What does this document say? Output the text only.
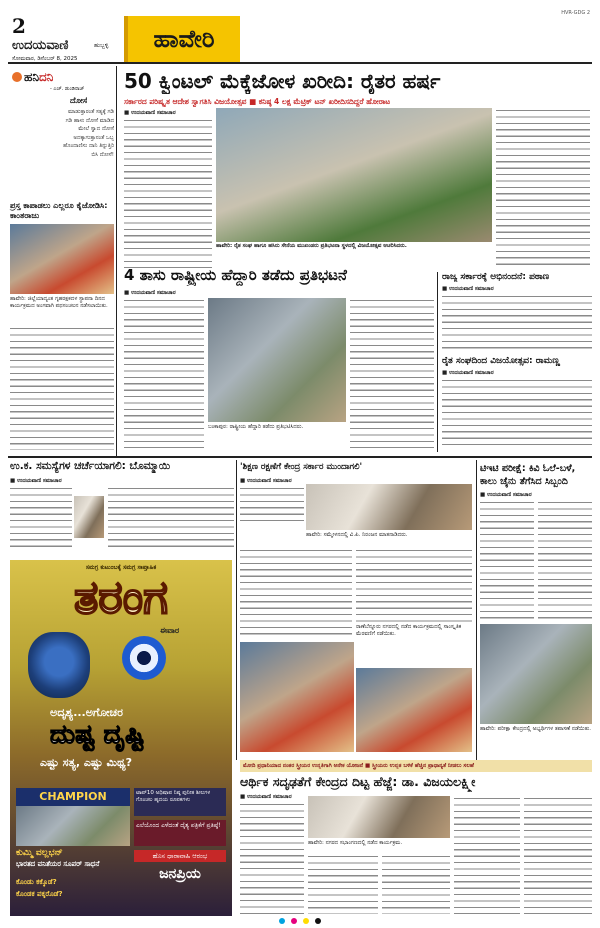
2
ಉದಯವಾಣಿ	ಹುಬ್ಬಳ್ಳಿ
ಸೋಮವಾರ, ಡಿಸೆಂಬರ್ 8, 2025
ಹಾವೇರಿ
HVR-GDG 2
ಹನಿದನಿ
- ಎಚ್. ಡುಂಡಿರಾಜ್
ದೋಸೆ
ಮಾಡುತ್ತಾರಂತೆ ಸತ್ಯಕ್ಕೆ ಗಡಿ ಗಡಿ ಹಾಳು ದೋಸೆ ಮಾಡಿದ ಮೇಲೆ ಸ್ವಾದ ದೋಸೆ ಅದಕ್ಕಾಗುತ್ತಾನಂತೆ ಒಬ್ಬ ಹೊಂದಾಣಿಸು ದಾನಿ ತಿನ್ನುತ್ತಿರಿ ಬಿಸಿ ದೋಸೆ!
ಪ್ರಸ್ತ ಕಾಪಾಡಲು ಎಲ್ಲರೂ ಕೈಜೋಡಿಸಿ: ಕಾಂತರಾಜು
ಹಾವೇರಿ: ಜಿಲ್ಲೆಯಾದ್ಯಂತ ಗೃಹರಕ್ಷಕದಳ ಸ್ಥಾಪನಾ ದಿನದ ಕಾರ್ಯಕ್ರಮದ ಅಂಗವಾಗಿ ಪಥಸಂಚಲನ ನಡೆಸಲಾಯಿತು.
50 ಕ್ವಿಂಟಲ್ ಮೆಕ್ಕೆಜೋಳ ಖರೀದಿ: ರೈತರ ಹರ್ಷ
ಸರ್ಕಾರದ ಪರಿಷ್ಕೃತ ಆದೇಶ ಸ್ವಾಗತಿಸಿ ವಿಜಯೋತ್ಸವ ■ ಕನಿಷ್ಠ 4 ಲಕ್ಷ ಮೆಟ್ರಿಕ್ ಟನ್ ಖರೀದಿಸದಿದ್ದರೆ ಹೋರಾಟ
■ ಉದಯವಾಣಿ ಸಮಾಚಾರ
ಹಾವೇರಿ: ರೈತ ಸಂಘ ಹಾಗೂ ಹಸಿರು ಸೇನೆಯ ಮುಖಂಡರು ಪ್ರತಿಭಟನಾ ಸ್ಥಳದಲ್ಲಿ ವಿಜಯೋತ್ಸವ ಆಚರಿಸಿದರು.
4 ತಾಸು ರಾಷ್ಟ್ರೀಯ ಹೆದ್ದಾರಿ ತಡೆದು ಪ್ರತಿಭಟನೆ
■ ಉದಯವಾಣಿ ಸಮಾಚಾರ
ಬಂಕಾಪುರ: ರಾಷ್ಟ್ರೀಯ ಹೆದ್ದಾರಿ ತಡೆದು ಪ್ರತಿಭಟಿಸಿದರು.
ರಾಜ್ಯ ಸರ್ಕಾರಕ್ಕೆ ಅಭಿನಂದನೆ: ಪಠಾಣ
■ ಉದಯವಾಣಿ ಸಮಾಚಾರ
ರೈತ ಸಂಘದಿಂದ ವಿಜಯೋತ್ಸವ: ರಾಮಣ್ಣ
■ ಉದಯವಾಣಿ ಸಮಾಚಾರ
ಉ.ಕ. ಸಮಸ್ಯೆಗಳ ಚರ್ಚೆಯಾಗಲಿ: ಬೊಮ್ಮಾಯಿ
■ ಉದಯವಾಣಿ ಸಮಾಚಾರ
ಸಮಗ್ರ ಕುಟುಂಬಕ್ಕೆ ಸಮಗ್ರ ಸಾಪ್ತಾಹಿಕ
ತರಂಗ
ಈವಾರ
ಅದೃಶ್ಯ...ಅಗೋಚರ
ದುಷ್ಟ ದೃಷ್ಟಿ
ಎಷ್ಟು ಸತ್ಯ, ಎಷ್ಟು ಮಿಥ್ಯ?
CHAMPION	ಟಾಪ್‌10 ಅಧಿಷಾಪ ನಿಷ್ಠ ಪುನೀತ ಶೀಲಗಳ ಗೊಂಚಲ ಹೃದಯ ರೂಪಕಗಳು
ಎಲೆಯೊಂದ ಎಳೆದಂತೆ ದೈತ್ಯ ಪತ್ರಿಕೆಗೆ ಪ್ರತಿಷ್ಠೆ!
ಕುಮ್ಮಿ ವಲ್ಲಭನ್
ಭಾರತದ ವನಿತೆಯರ ಸೂಪರ್ ಸಾಧನೆ
ಹೊಸ ಧಾರಾವಾಹಿ ಆರಂಭ
ಜನಪ್ರಿಯ
ಕೊಂಡು ಕಕ್ಕೊಡೆ?
ಕೊಂಡಕ ಪಕ್ಕರೊಡೆ?
'ಶಿಕ್ಷಣ ರಕ್ಷಣೆಗೆ ಕೇಂದ್ರ ಸರ್ಕಾರ ಮುಂದಾಗಲಿ'
■ ಉದಯವಾಣಿ ಸಮಾಚಾರ
ಹಾವೇರಿ: ಸಮ್ಮೇಳನದಲ್ಲಿ ವಿ.ಪಿ. ನಿರಂಜನ ಮಾತನಾಡಿದರು.
ರಾಣೆಬೆನ್ನೂರು ನಗರದಲ್ಲಿ ನಡೆದ ಕಾರ್ಯಕ್ರಮದಲ್ಲಿ ಸಾಂಸ್ಕೃತಿಕ ಮೆರವಣಿಗೆ ನಡೆಯಿತು.
ಟಿಇಟಿ ಪರೀಕ್ಷೆ: ಕಿವಿ ಓಲೆ-ಬಳೆ, ಕಾಲು ಚೈನು ತೆಗೆಸಿದ ಸಿಬ್ಬಂದಿ
■ ಉದಯವಾಣಿ ಸಮಾಚಾರ
ಹಾವೇರಿ: ಪರೀಕ್ಷಾ ಕೇಂದ್ರದಲ್ಲಿ ಅಭ್ಯರ್ಥಿಗಳ ತಪಾಸಣೆ ನಡೆಯಿತು.
ಮೋದಿ ಪ್ರಧಾನಿಯಾದ ನಂತರ ಸ್ತ್ರೀಯರ ಉನ್ನತಿಗಾಗಿ ಅನೇಕ ಯೋಜನೆ ■ ಸ್ತ್ರೀಯರು ಉನ್ನತ ಬಳಿಕೆ ಹೆಚ್ಚಿನ ಪ್ರಾಧಾನ್ಯತೆ ನೀಡಲು ಸಲಹೆ
ಆರ್ಥಿಕ ಸದೃಢತೆಗೆ ಕೇಂದ್ರದ ದಿಟ್ಟ ಹೆಜ್ಜೆ: ಡಾ. ವಿಜಯಲಕ್ಷ್ಮೀ
■ ಉದಯವಾಣಿ ಸಮಾಚಾರ
ಹಾವೇರಿ: ನಗರದ ಸಭಾಂಗಣದಲ್ಲಿ ನಡೆದ ಕಾರ್ಯಕ್ರಮ.
